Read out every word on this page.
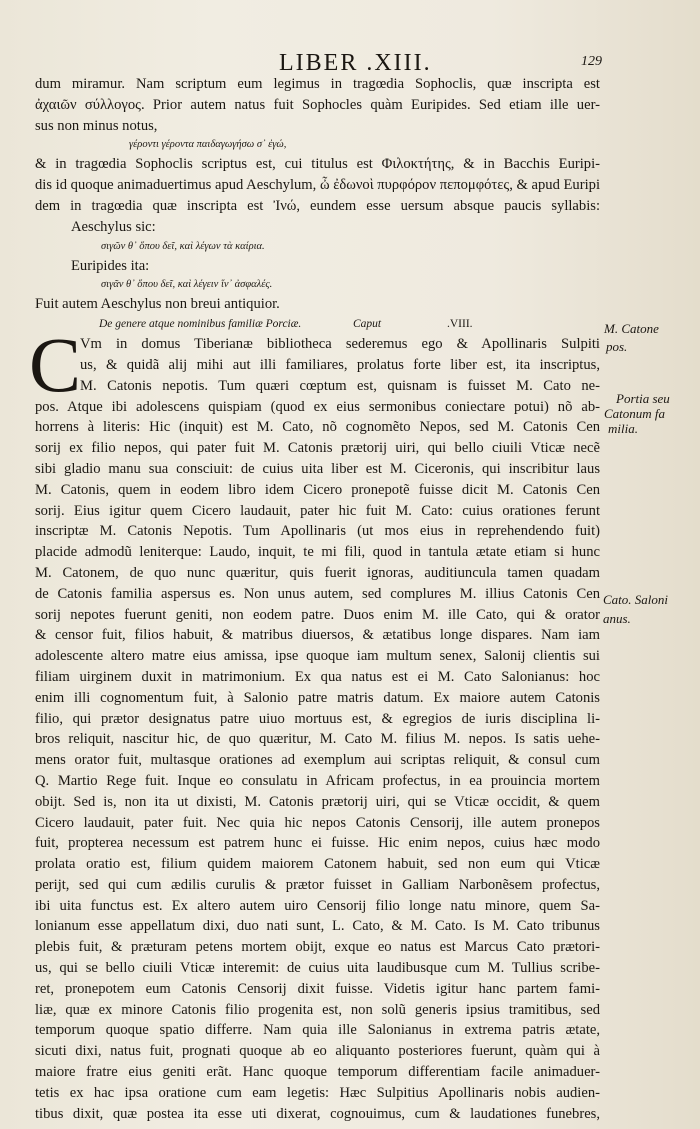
LIBER .XIII.	129
dum miramur. Nam scriptum eum legimus in tragœdia Sophoclis, quæ inscripta est
ἀχαιῶν σύλλογος. Prior autem natus fuit Sophocles quàm Euripides. Sed etiam ille uer-
sus non minus notus,
γέροντι γέροντα παιδαγωγήσω σ᾽ ἐγώ,
& in tragœdia Sophoclis scriptus est, cui titulus est Φιλοκτήτης, & in Bacchis Euripi-
dis id quoque animaduertimus apud Aeschylum, ὦ ἐδωνοὶ πυρφόρον πεπομφότες, & apud Euripi
dem in tragœdia quæ inscripta est Ἰνώ, eundem esse uersum absque paucis syllabis:
Aeschylus sic:
σιγῶν θ᾽ ὅπου δεῖ, καὶ λέγων τὰ καίρια.
Euripides ita:
σιγᾶν θ᾽ ὅπου δεῖ, καὶ λέγειν ἵν᾽ ἀσφαλές.
Fuit autem Aeschylus non breui antiquior.
De genere atque nominibus familiæ Porciæ.	Caput	.VIII.
C
Vm in domus Tiberianæ bibliotheca sederemus ego & Apollinaris Sulpiti
us, & quidã alij mihi aut illi familiares, prolatus forte liber est, ita inscriptus,
M. Catonis nepotis. Tum quæri cœptum est, quisnam is fuisset M. Cato ne-
pos. Atque ibi adolescens quispiam (quod ex eius sermonibus coniectare potui) nõ ab-
horrens à literis: Hic (inquit) est M. Cato, nõ cognomẽto Nepos, sed M. Catonis Cen
sorij ex filio nepos, qui pater fuit M. Catonis prætorij uiri, qui bello ciuili Vticæ necẽ
sibi gladio manu sua consciuit: de cuius uita liber est M. Ciceronis, qui inscribitur laus
M. Catonis, quem in eodem libro idem Cicero pronepotẽ fuisse dicit M. Catonis Cen
sorij. Eius igitur quem Cicero laudauit, pater hic fuit M. Cato: cuius orationes ferunt
inscriptæ M. Catonis Nepotis. Tum Apollinaris (ut mos eius in reprehendendo fuit)
placide admodũ leniterque: Laudo, inquit, te mi fili, quod in tantula ætate etiam si hunc
M. Catonem, de quo nunc quæritur, quis fuerit ignoras, auditiuncula tamen quadam
de Catonis familia aspersus es. Non unus autem, sed complures M. illius Catonis Cen
sorij nepotes fuerunt geniti, non eodem patre. Duos enim M. ille Cato, qui & orator
& censor fuit, filios habuit, & matribus diuersos, & ætatibus longe dispares. Nam iam
adolescente altero matre eius amissa, ipse quoque iam multum senex, Salonij clientis sui
filiam uirginem duxit in matrimonium. Ex qua natus est ei M. Cato Salonianus: hoc
enim illi cognomentum fuit, à Salonio patre matris datum. Ex maiore autem Catonis
filio, qui prætor designatus patre uiuo mortuus est, & egregios de iuris disciplina li-
bros reliquit, nascitur hic, de quo quæritur, M. Cato M. filius M. nepos. Is satis uehe-
mens orator fuit, multasque orationes ad exemplum aui scriptas reliquit, & consul cum
Q. Martio Rege fuit. Inque eo consulatu in Africam profectus, in ea prouincia mortem
obijt. Sed is, non ita ut dixisti, M. Catonis prætorij uiri, qui se Vticæ occidit, & quem
Cicero laudauit, pater fuit. Nec quia hic nepos Catonis Censorij, ille autem pronepos
fuit, propterea necessum est patrem hunc ei fuisse. Hic enim nepos, cuius hæc modo
prolata oratio est, filium quidem maiorem Catonem habuit, sed non eum qui Vticæ
perijt, sed qui cum ædilis curulis & prætor fuisset in Galliam Narbonẽsem profectus,
ibi uita functus est. Ex altero autem uiro Censorij filio longe natu minore, quem Sa-
lonianum esse appellatum dixi, duo nati sunt, L. Cato, & M. Cato. Is M. Cato tribunus
plebis fuit, & præturam petens mortem obijt, exque eo natus est Marcus Cato prætori-
us, qui se bello ciuili Vticæ interemit: de cuius uita laudibusque cum M. Tullius scribe-
ret, pronepotem eum Catonis Censorij dixit fuisse. Videtis igitur hanc partem fami-
liæ, quæ ex minore Catonis filio progenita est, non solũ generis ipsius tramitibus, sed
temporum quoque spatio differre. Nam quia ille Salonianus in extrema patris ætate,
sicuti dixi, natus fuit, prognati quoque ab eo aliquanto posteriores fuerunt, quàm qui à
maiore fratre eius geniti erãt. Hanc quoque temporum differentiam facile animaduer-
tetis ex hac ipsa oratione cum eam legetis: Hæc Sulpitius Apollinaris nobis audien-
tibus dixit, quæ postea ita esse uti dixerat, cognouimus, cum & laudationes funebres,
M. Catone
pos.
Portia seu
Catonum fa
milia.
Cato. Saloni
anus.
